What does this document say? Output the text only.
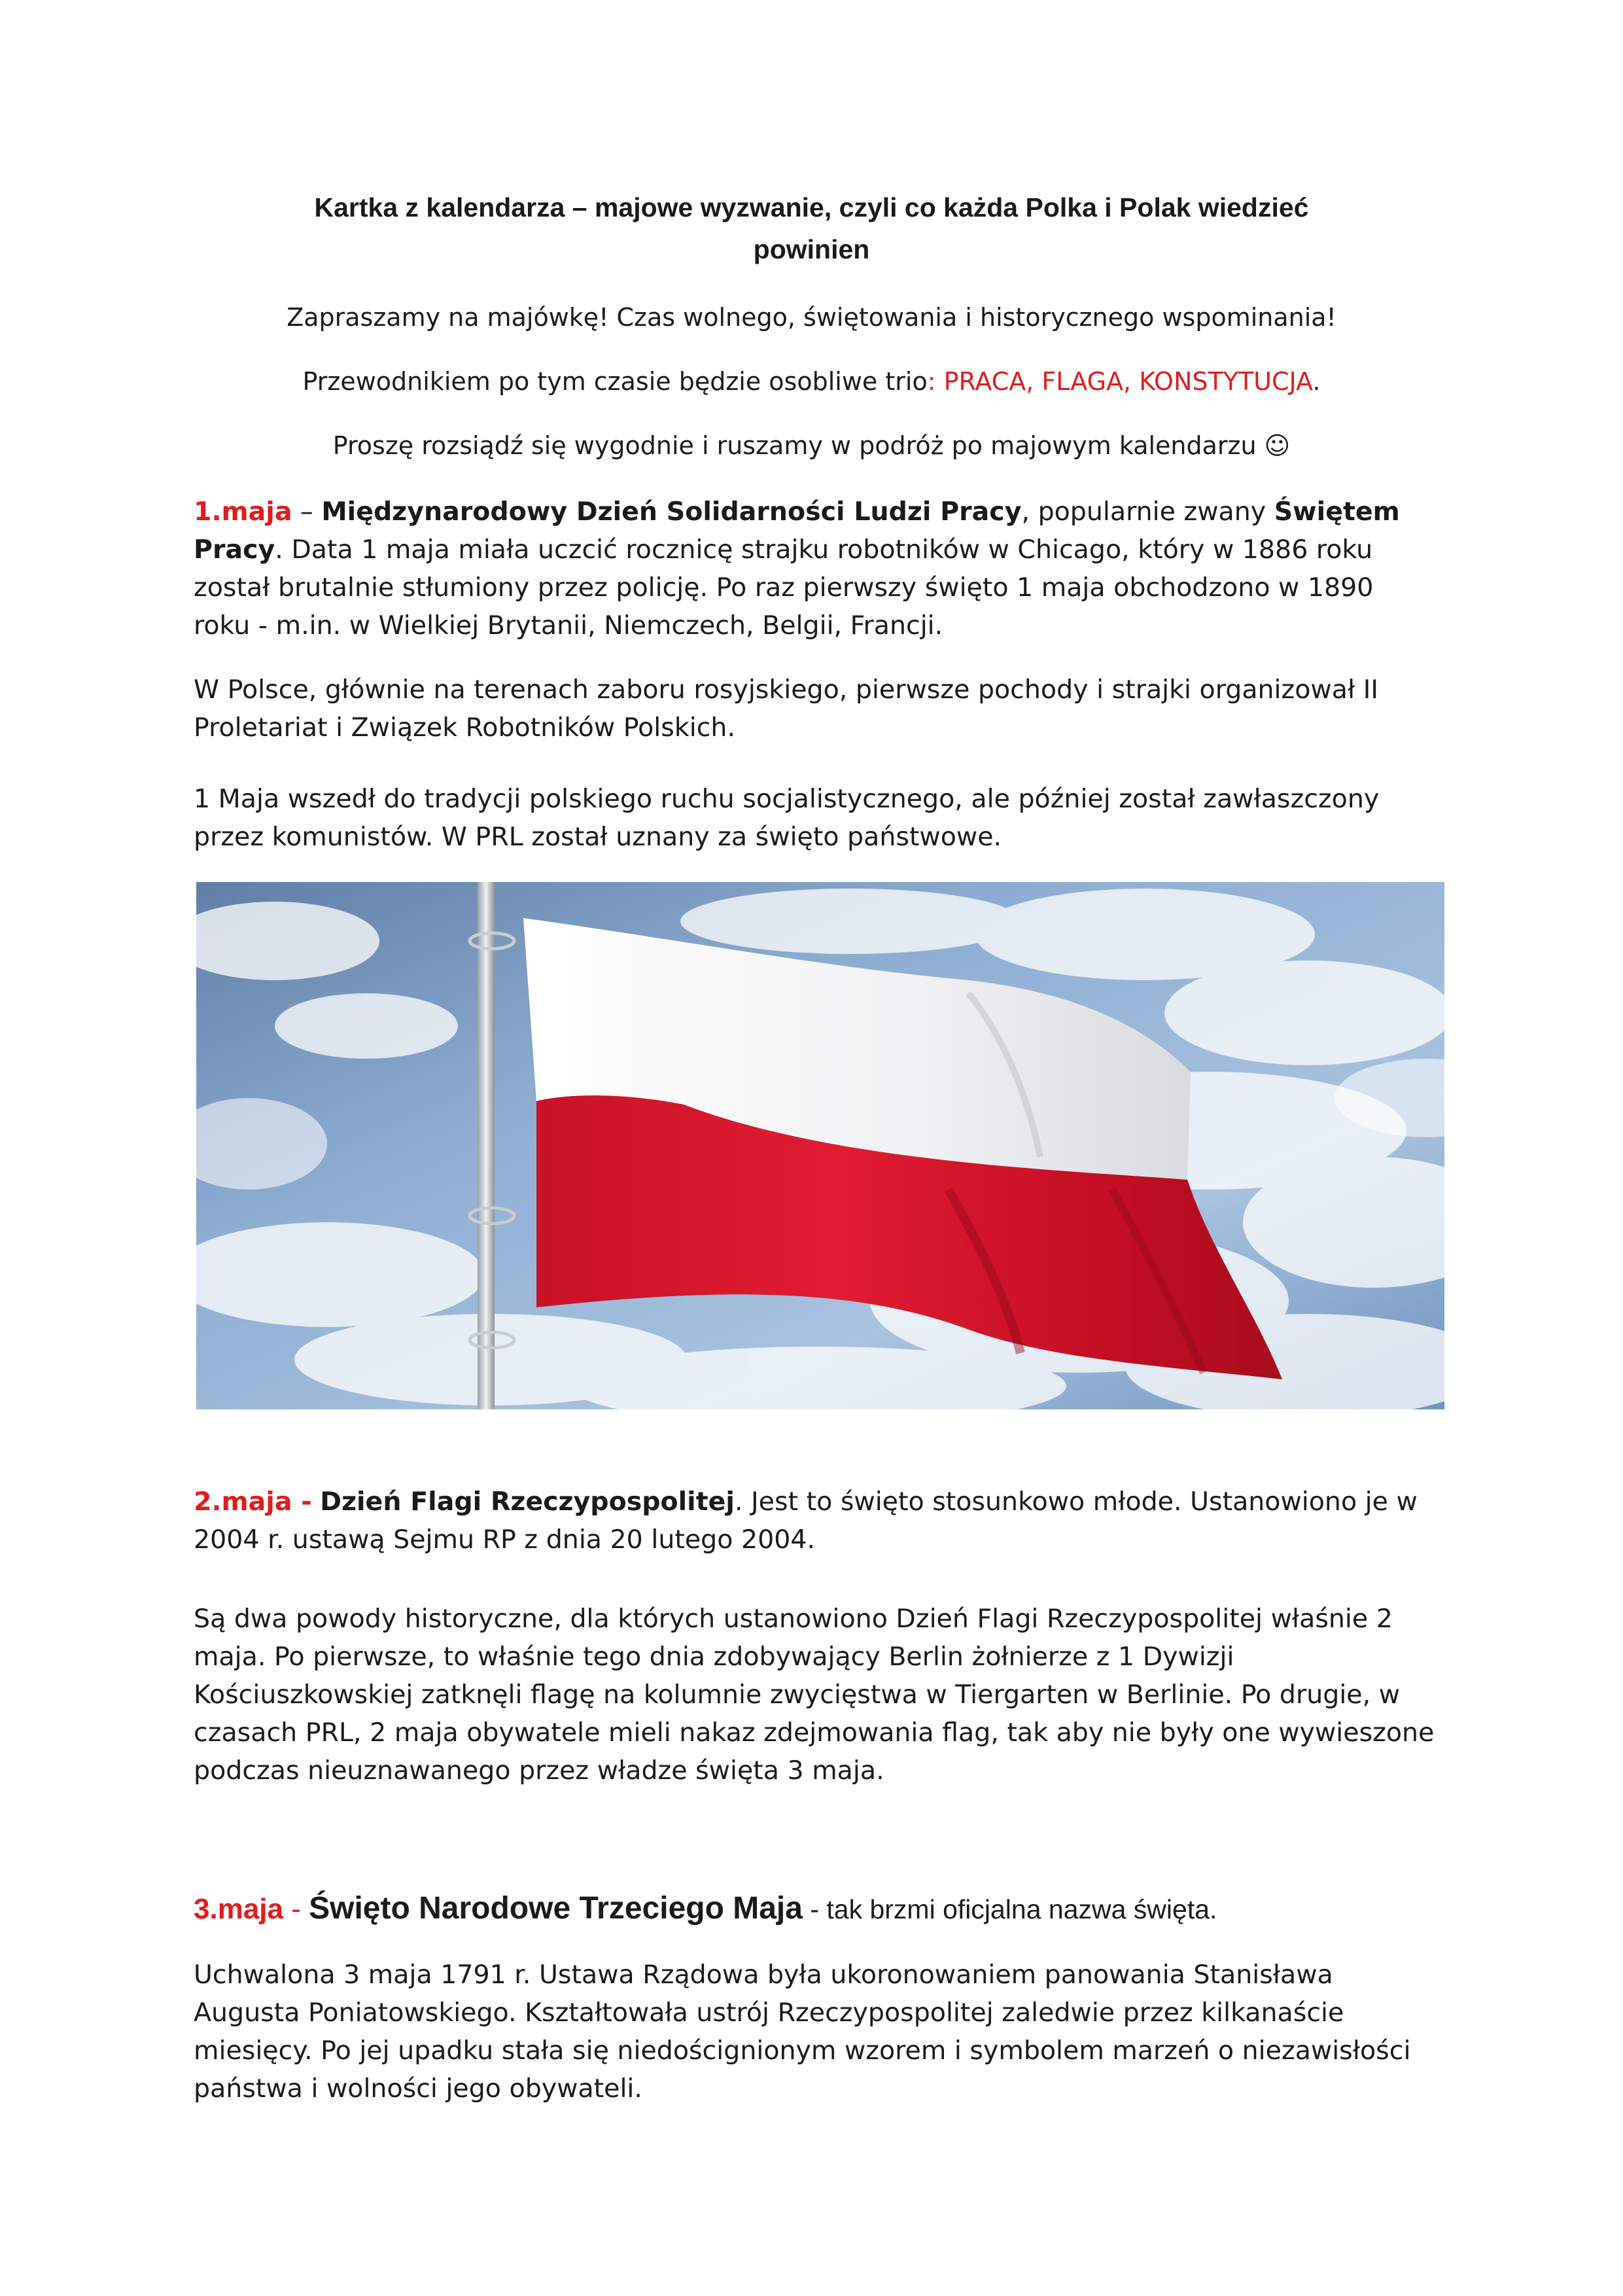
Kartka z kalendarza – majowe wyzwanie, czyli co każda Polka i Polak wiedzieć
powinien
Zapraszamy na majówkę! Czas wolnego, świętowania i historycznego wspominania!
Przewodnikiem po tym czasie będzie osobliwe trio: PRACA, FLAGA, KONSTYTUCJA.
Proszę rozsiądź się wygodnie i ruszamy w podróż po majowym kalendarzu ☺
1.maja – Międzynarodowy Dzień Solidarności Ludzi Pracy, popularnie zwany Świętem Pracy. Data 1 maja miała uczcić rocznicę strajku robotników w Chicago, który w 1886 roku został brutalnie stłumiony przez policję. Po raz pierwszy święto 1 maja obchodzono w 1890 roku - m.in. w Wielkiej Brytanii, Niemczech, Belgii, Francji.
W Polsce, głównie na terenach zaboru rosyjskiego, pierwsze pochody i strajki organizował II Proletariat i Związek Robotników Polskich.
1 Maja wszedł do tradycji polskiego ruchu socjalistycznego, ale później został zawłaszczony przez komunistów. W PRL został uznany za święto państwowe.
2.maja - Dzień Flagi Rzeczypospolitej. Jest to święto stosunkowo młode. Ustanowiono je w 2004 r. ustawą Sejmu RP z dnia 20 lutego 2004.
Są dwa powody historyczne, dla których ustanowiono Dzień Flagi Rzeczypospolitej właśnie 2 maja. Po pierwsze, to właśnie tego dnia zdobywający Berlin żołnierze z 1 Dywizji Kościuszkowskiej zatknęli flagę na kolumnie zwycięstwa w Tiergarten w Berlinie. Po drugie, w czasach PRL, 2 maja obywatele mieli nakaz zdejmowania flag, tak aby nie były one wywieszone podczas nieuznawanego przez władze święta 3 maja.
3.maja - Święto Narodowe Trzeciego Maja - tak brzmi oficjalna nazwa święta.
Uchwalona 3 maja 1791 r. Ustawa Rządowa była ukoronowaniem panowania Stanisława Augusta Poniatowskiego. Kształtowała ustrój Rzeczypospolitej zaledwie przez kilkanaście miesięcy. Po jej upadku stała się niedoścignionym wzorem i symbolem marzeń o niezawisłości państwa i wolności jego obywateli.
